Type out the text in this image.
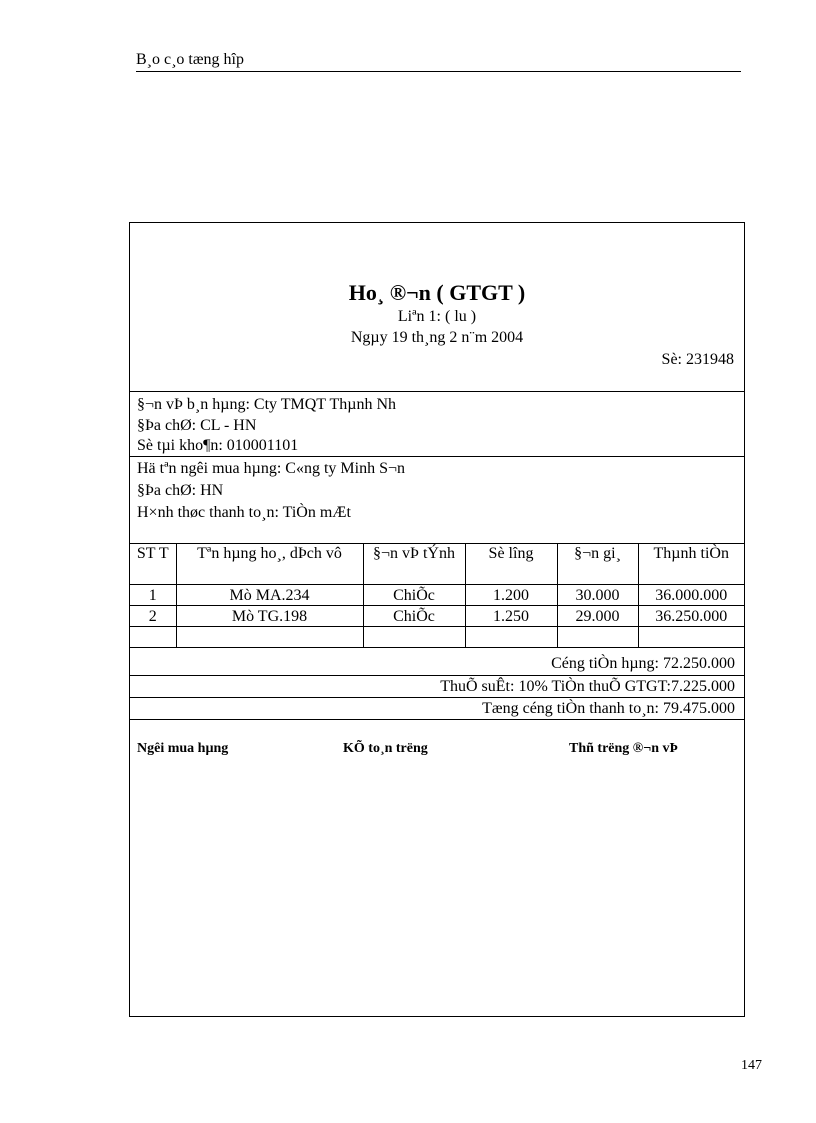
B¸o c¸o tæng hîp
Ho¸ ®¬n ( GTGT )
Liªn 1: ( lu )
Ngµy 19 th¸ng 2 n¨m 2004
Sè: 231948
§¬n vÞ b¸n hµng: Cty TMQT Thµnh Nh
§Þa chØ: CL - HN
Sè tµi kho¶n: 010001101
Hä tªn ngêi mua hµng: C«ng ty Minh S¬n
§Þa chØ: HN
H×nh thøc thanh to¸n: TiÒn mÆt
ST T	Tªn hµng ho¸, dÞch vô	§¬n vÞ tÝnh	Sè lîng	§¬n gi¸	Thµnh tiÒn
1	Mò MA.234	ChiÕc	1.200	30.000	36.000.000
2	Mò TG.198	ChiÕc	1.250	29.000	36.250.000

Céng tiÒn hµng: 72.250.000
ThuÕ suÊt: 10% TiÒn thuÕ GTGT:7.225.000
Tæng céng tiÒn thanh to¸n: 79.475.000
Ngêi mua hµng	KÕ to¸n trëng	Thñ trëng ®¬n vÞ
147
